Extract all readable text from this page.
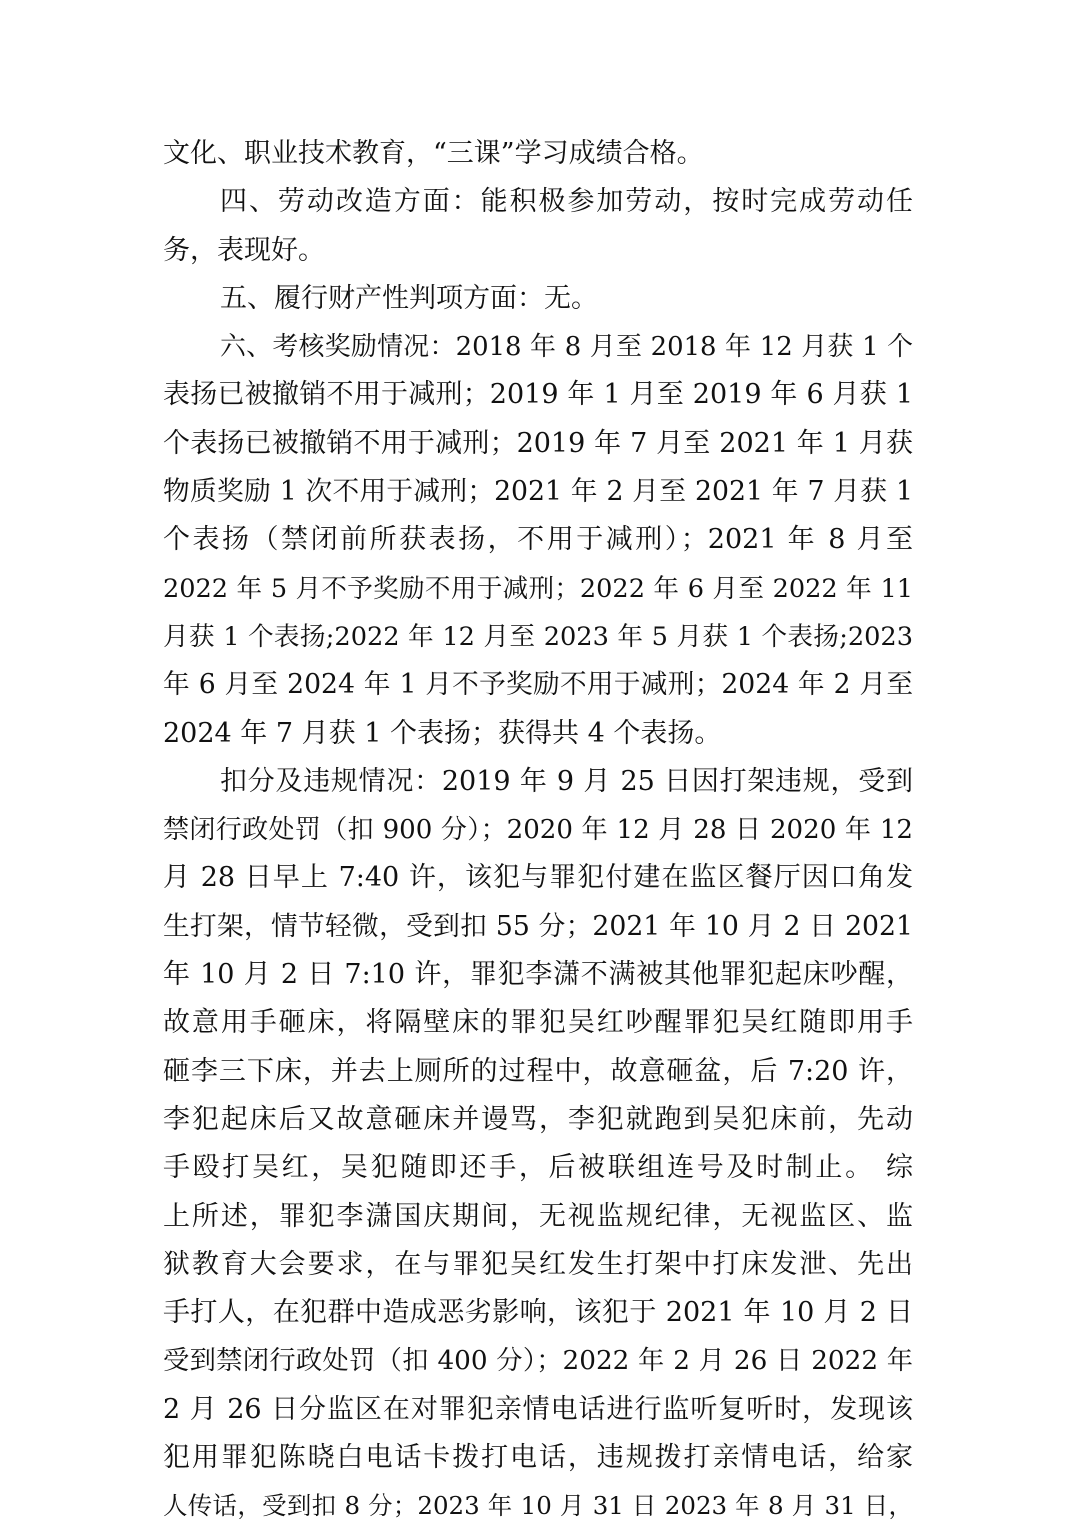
文化、职业技术教育，“三课”学习成绩合格。
四、劳动改造方面：能积极参加劳动，按时完成劳动任
务，表现好。
五、履行财产性判项方面：无。
六、考核奖励情况：2018 年 8 月至 2018 年 12 月获 1 个
表扬已被撤销不用于减刑；2019 年 1 月至 2019 年 6 月获 1
个表扬已被撤销不用于减刑；2019 年 7 月至 2021 年 1 月获
物质奖励 1 次不用于减刑；2021 年 2 月至 2021 年 7 月获 1
个表扬（禁闭前所获表扬，不用于减刑）；2021 年 8 月至
2022 年 5 月不予奖励不用于减刑；2022 年 6 月至 2022 年 11
月获 1 个表扬;2022 年 12 月至 2023 年 5 月获 1 个表扬;2023
年 6 月至 2024 年 1 月不予奖励不用于减刑；2024 年 2 月至
2024 年 7 月获 1 个表扬；获得共 4 个表扬。
扣分及违规情况：2019 年 9 月 25 日因打架违规，受到
禁闭行政处罚（扣 900 分）；2020 年 12 月 28 日 2020 年 12
月 28 日早上 7:40 许，该犯与罪犯付建在监区餐厅因口角发
生打架，情节轻微，受到扣 55 分；2021 年 10 月 2 日 2021
年 10 月 2 日 7:10 许，罪犯李潇不满被其他罪犯起床吵醒，
故意用手砸床，将隔壁床的罪犯吴红吵醒罪犯吴红随即用手
砸李三下床，并去上厕所的过程中，故意砸盆，后 7:20 许，
李犯起床后又故意砸床并谩骂，李犯就跑到吴犯床前，先动
手殴打吴红，吴犯随即还手，后被联组连号及时制止。 综
上所述，罪犯李潇国庆期间，无视监规纪律，无视监区、监
狱教育大会要求，在与罪犯吴红发生打架中打床发泄、先出
手打人，在犯群中造成恶劣影响，该犯于 2021 年 10 月 2 日
受到禁闭行政处罚（扣 400 分）；2022 年 2 月 26 日 2022 年
2 月 26 日分监区在对罪犯亲情电话进行监听复听时，发现该
犯用罪犯陈晓白电话卡拨打电话，违规拨打亲情电话，给家
人传话，受到扣 8 分；2023 年 10 月 31 日 2023 年 8 月 31 日，
